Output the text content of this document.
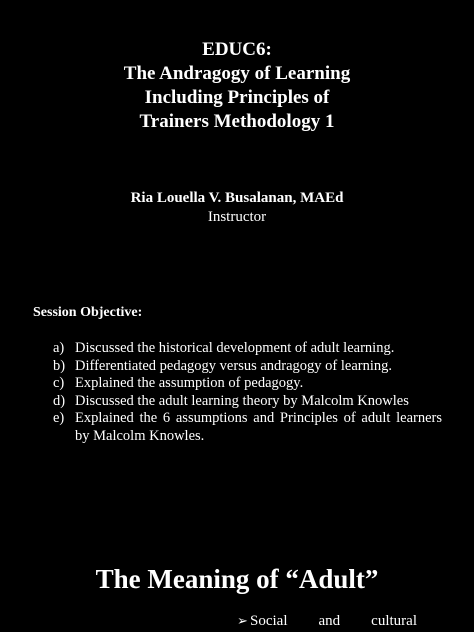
EDUC6:
The Andragogy of Learning
Including Principles of
Trainers Methodology 1
Ria Louella V. Busalanan, MAEd
Instructor
Session Objective:
a) Discussed the historical development of adult learning.
b) Differentiated pedagogy versus andragogy of learning.
c) Explained the assumption of pedagogy.
d) Discussed the adult learning theory by Malcolm Knowles
e) Explained the 6 assumptions and Principles of adult learners by Malcolm Knowles.
The Meaning of “Adult”
➢ Social and cultural
